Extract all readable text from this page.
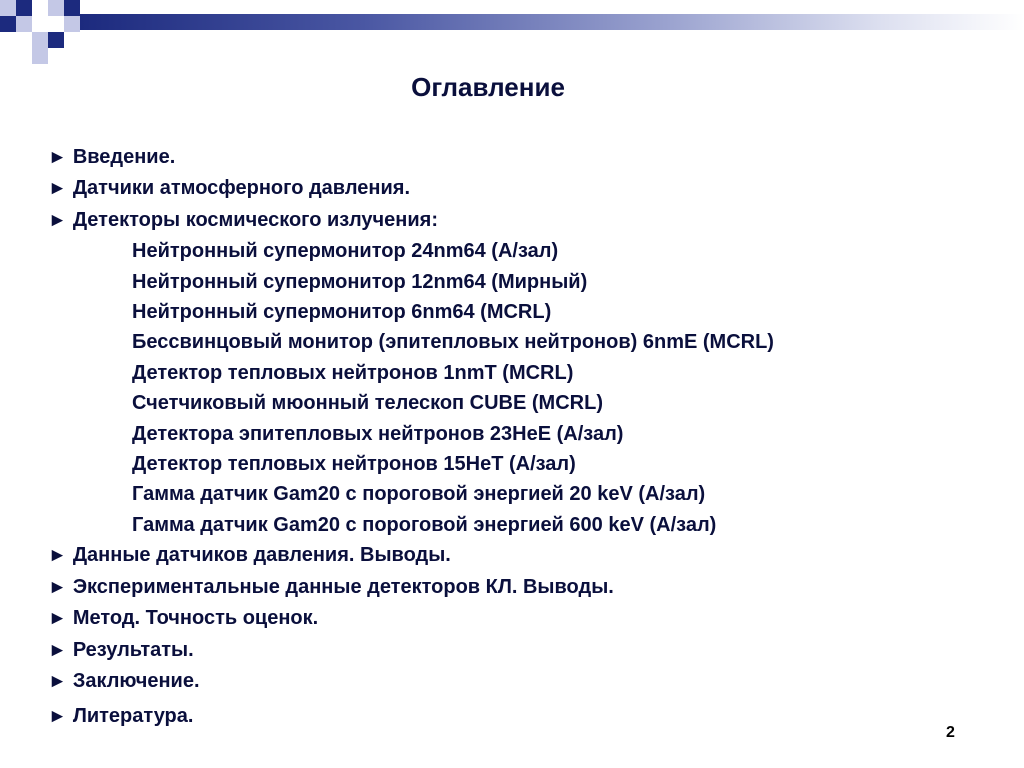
Оглавление
► Введение.
► Датчики атмосферного давления.
► Детекторы космического излучения:
Нейтронный супермонитор 24nm64 (А/зал)
Нейтронный супермонитор 12nm64 (Мирный)
Нейтронный супермонитор 6nm64 (MCRL)
Бессвинцовый монитор (эпитепловых нейтронов) 6nmE (MCRL)
Детектор тепловых нейтронов 1nmT (MCRL)
Счетчиковый мюонный телескоп CUBE (MCRL)
Детектора эпитепловых нейтронов 23HeE (А/зал)
Детектор тепловых нейтронов 15HeT (А/зал)
Гамма датчик Gam20 с пороговой энергией 20 keV (А/зал)
Гамма датчик Gam20 с пороговой энергией 600 keV (А/зал)
► Данные датчиков давления. Выводы.
► Экспериментальные данные детекторов КЛ. Выводы.
► Метод. Точность оценок.
► Результаты.
► Заключение.
► Литература.
2
